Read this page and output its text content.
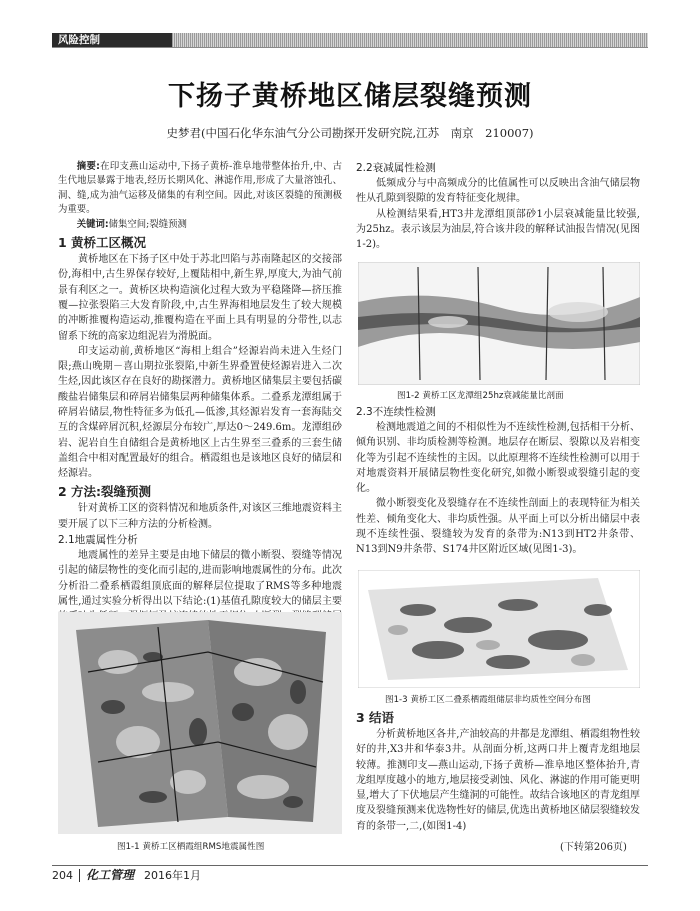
风险控制
下扬子黄桥地区储层裂缝预测
史梦君(中国石化华东油气分公司勘探开发研究院,江苏　南京　210007)

摘要:在印支燕山运动中,下扬子黄桥-淮阜地带整体抬升,中、古生代地层暴露于地表,经历长期风化、淋滤作用,形成了大量溶蚀孔、洞、缝,成为油气运移及储集的有利空间。因此,对该区裂缝的预测极为重要。

关键词:储集空间;裂缝预测

1 黄桥工区概况

黄桥地区在下扬子区中处于苏北凹陷与苏南隆起区的交接部份,海相中,古生界保存较好,上覆陆相中,新生界,厚度大,为油气前景有利区之一。黄桥区块构造演化过程大致为平稳隆降—挤压推覆—拉张裂陷三大发育阶段,中,古生界海相地层发生了较大规模的冲断推覆构造运动,推覆构造在平面上具有明显的分带性,以志留系下统的高家边组泥岩为滑脱面。

印支运动前,黄桥地区“海相上组合”烃源岩尚未进入生烃门限;燕山晚期－喜山期拉张裂陷,中新生界叠置使烃源岩进入二次生烃,因此该区存在良好的勘探潜力。黄桥地区储集层主要包括碳酸盐岩储集层和碎屑岩储集层两种储集体系。二叠系龙潭组属于碎屑岩储层,物性特征多为低孔—低渗,其烃源岩发育一套海陆交互的含煤碎屑沉积,烃源层分布较广,厚达0～249.6m。龙潭组砂岩、泥岩自生自储组合是黄桥地区上古生界至三叠系的三套生储盖组合中相对配置最好的组合。栖霞组也是该地区良好的储层和烃源岩。

2 方法:裂缝预测

针对黄桥工区的资料情况和地质条件,对该区三维地震资料主要开展了以下三种方法的分析检测。

2.1地震属性分析

地震属性的差异主要是由地下储层的微小断裂、裂缝等情况引起的储层物性的变化而引起的,进而影响地震属性的分布。此次分析沿二叠系栖霞组顶底面的解释层位提取了RMS等多种地震属性,通过实验分析得出以下结论:(1)基值孔隙度较大的储层主要

图1-1 黄桥工区栖霞组RMS地震属性图
2.2衰减属性检测

低频成分与中高频成分的比值属性可以反映出含油气储层物性从孔隙到裂隙的发育特征变化规律。

从检测结果看,HT3井龙潭组顶部砂1小层衰减能量比较强,为25hz。表示该层为油层,符合该井段的解释试油报告情况(见图1-2)。

图1-2 黄桥工区龙潭组25hz衰减能量比剖面
2.3不连续性检测

检测地震道之间的不相似性为不连续性检测,包括相干分析、倾角识别、非均质检测等检测。地层存在断层、裂隙以及岩相变化等为引起不连续性的主因。以此原理将不连续性检测可以用于对地震资料开展储层物性变化研究,如微小断裂或裂缝引起的变化。

微小断裂变化及裂缝存在不连续性剖面上的表现特征为相关性差、倾角变化大、非均质性强。从平面上可以分析出储层中表现不连续性强、裂缝较为发育的条带为:N13到HT2井条带、N13到N9井条带、S174井区附近区域(见图1-3)。

图1-3 黄桥工区二叠系栖霞组储层非均质性空间分布图
3 结语

分析黄桥地区各井,产油较高的井都是龙潭组、栖霞组物性较好的井,X3井和华泰3井。从剖面分析,这两口井上覆青龙组地层较薄。推测印支—燕山运动,下扬子黄桥—淮阜地区整体抬升,青龙组厚度越小的地方,地层接受剥蚀、风化、淋滤的作用可能更明显,增大了下伏地层产生缝洞的可能性。故结合该地区的青龙组厚度及裂缝预测来优选物性好的储层,优选出黄桥地区储层裂缝较发育的条带一,二,(如图1-4)

(下转第206页)
204 化工管理 2016年1月
